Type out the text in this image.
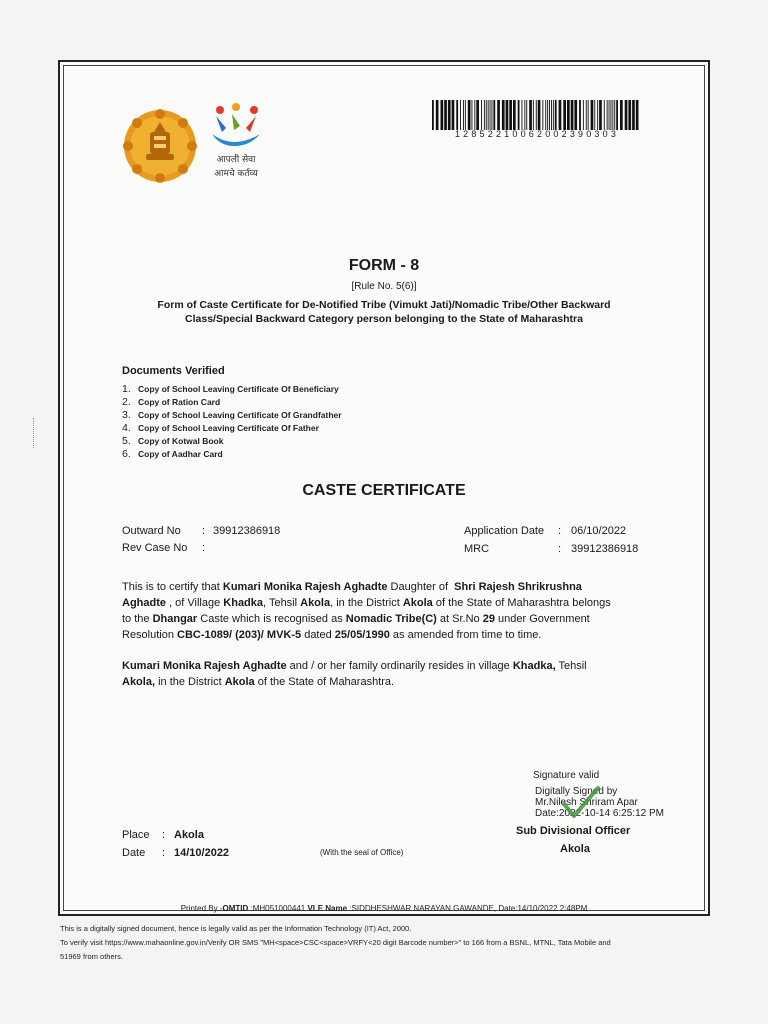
आपली सेवा
आमचे कर्तव्य
12852210062002390303
FORM - 8
[Rule No. 5(6)]
Form of Caste Certificate for De-Notified Tribe (Vimukt Jati)/Nomadic Tribe/Other Backward
Class/Special Backward Category person belonging to the State of Maharashtra
Documents Verified
1. Copy of School Leaving Certificate Of Beneficiary
2. Copy of Ration Card
3. Copy of School Leaving Certificate Of Grandfather
4. Copy of School Leaving Certificate Of Father
5. Copy of Kotwal Book
6. Copy of Aadhar Card
CASTE CERTIFICATE
Outward No : 39912386918
Rev Case No :
Application Date : 06/10/2022
MRC	: 39912386918
This is to certify that Kumari Monika Rajesh Aghadte Daughter of  Shri Rajesh Shrikrushna
Aghadte , of Village Khadka, Tehsil Akola, in the District Akola of the State of Maharashtra belongs
to the Dhangar Caste which is recognised as Nomadic Tribe(C) at Sr.No 29 under Government
Resolution CBC-1089/ (203)/ MVK-5 dated 25/05/1990 as amended from time to time.
Kumari Monika Rajesh Aghadte and / or her family ordinarily resides in village Khadka, Tehsil
Akola, in the District Akola of the State of Maharashtra.
Signature valid
Digitally Signed by
Mr.Nilesh Shriram Apar
Date:2022-10-14 6:25:12 PM
Sub Divisional Officer
Akola
Place : Akola
Date : 14/10/2022	(With the seal of Office)
Printed By -OMTID :MH051000441 VLE Name :SIDDHESHWAR NARAYAN GAWANDE, Date:14/10/2022 2:48PM
This is a digitally signed document, hence is legally valid as per the Information Technology (IT) Act, 2000.
To verify visit https://www.mahaonline.gov.in/Verify OR SMS "MH<space>CSC<space>VRFY<20 digit Barcode number>" to 166 from a BSNL, MTNL, Tata Mobile and
51969 from others.
